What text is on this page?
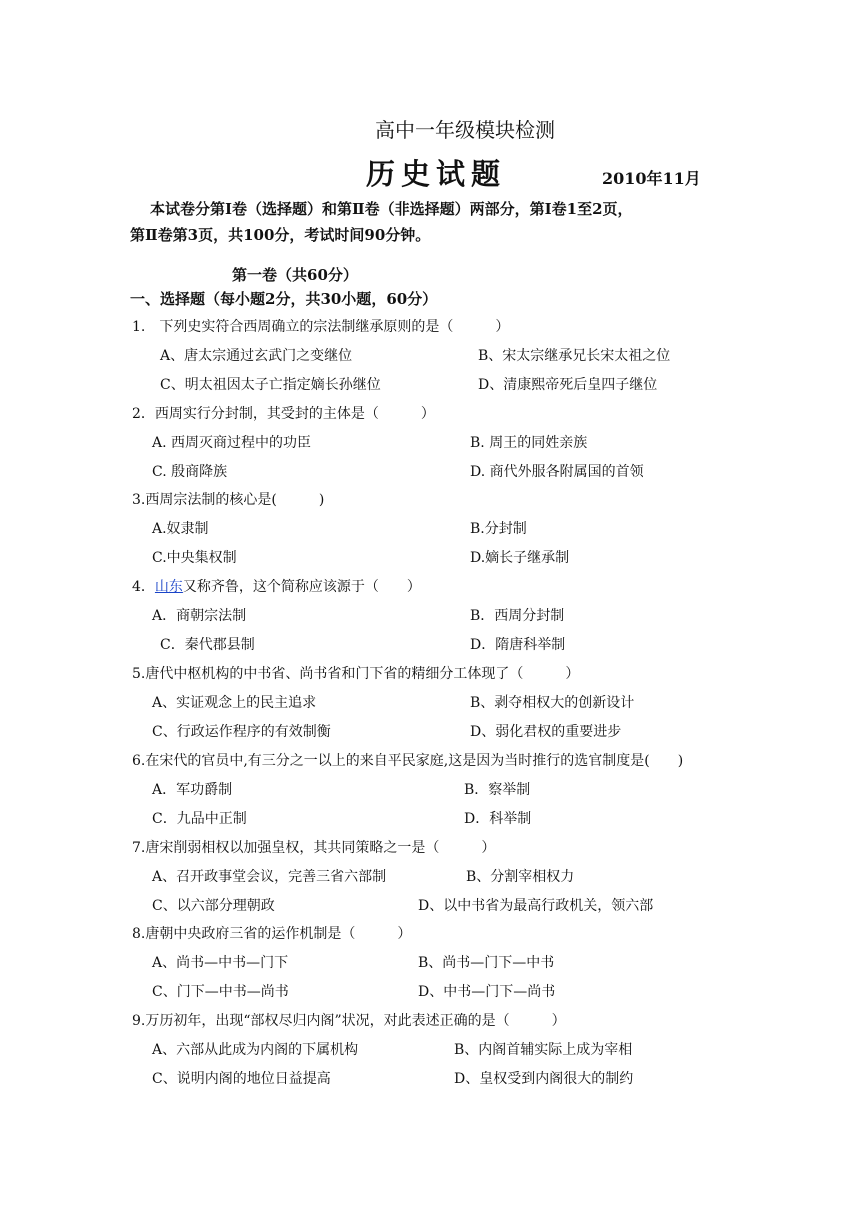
高中一年级模块检测
历史试题	2010年11月
本试卷分第Ⅰ卷（选择题）和第Ⅱ卷（非选择题）两部分，第Ⅰ卷1至2页，
第Ⅱ卷第3页，共100分，考试时间90分钟。
第一卷（共60分）
一、选择题（每小题2分，共30小题，60分）
1.　下列史实符合西周确立的宗法制继承原则的是（　　　）
A、唐太宗通过玄武门之变继位	B、宋太宗继承兄长宋太祖之位
C、明太祖因太子亡指定嫡长孙继位	D、清康熙帝死后皇四子继位
2．西周实行分封制，其受封的主体是（　　　）
A. 西周灭商过程中的功臣	B. 周王的同姓亲族
C. 殷商降族	D. 商代外服各附属国的首领
3.西周宗法制的核心是(　　　)
A.奴隶制	B.分封制
C.中央集权制	D.嫡长子继承制
4．山东又称齐鲁，这个简称应该源于（　　）
A．商朝宗法制	B．西周分封制
C．秦代郡县制	D．隋唐科举制
5.唐代中枢机构的中书省、尚书省和门下省的精细分工体现了（　　　）
A、实证观念上的民主追求	B、剥夺相权大的创新设计
C、行政运作程序的有效制衡	D、弱化君权的重要进步
6.在宋代的官员中,有三分之一以上的来自平民家庭,这是因为当时推行的选官制度是(　　)
A．军功爵制	B．察举制
C．九品中正制	D．科举制
7.唐宋削弱相权以加强皇权，其共同策略之一是（　　　）
A、召开政事堂会议，完善三省六部制	B、分割宰相权力
C、以六部分理朝政	D、以中书省为最高行政机关，领六部
8.唐朝中央政府三省的运作机制是（　　　）
A、尚书—中书—门下	B、尚书—门下—中书
C、门下—中书—尚书	D、中书—门下—尚书
9.万历初年，出现“部权尽归内阁”状况，对此表述正确的是（　　　）
A、六部从此成为内阁的下属机构	B、内阁首辅实际上成为宰相
C、说明内阁的地位日益提高	D、皇权受到内阁很大的制约
